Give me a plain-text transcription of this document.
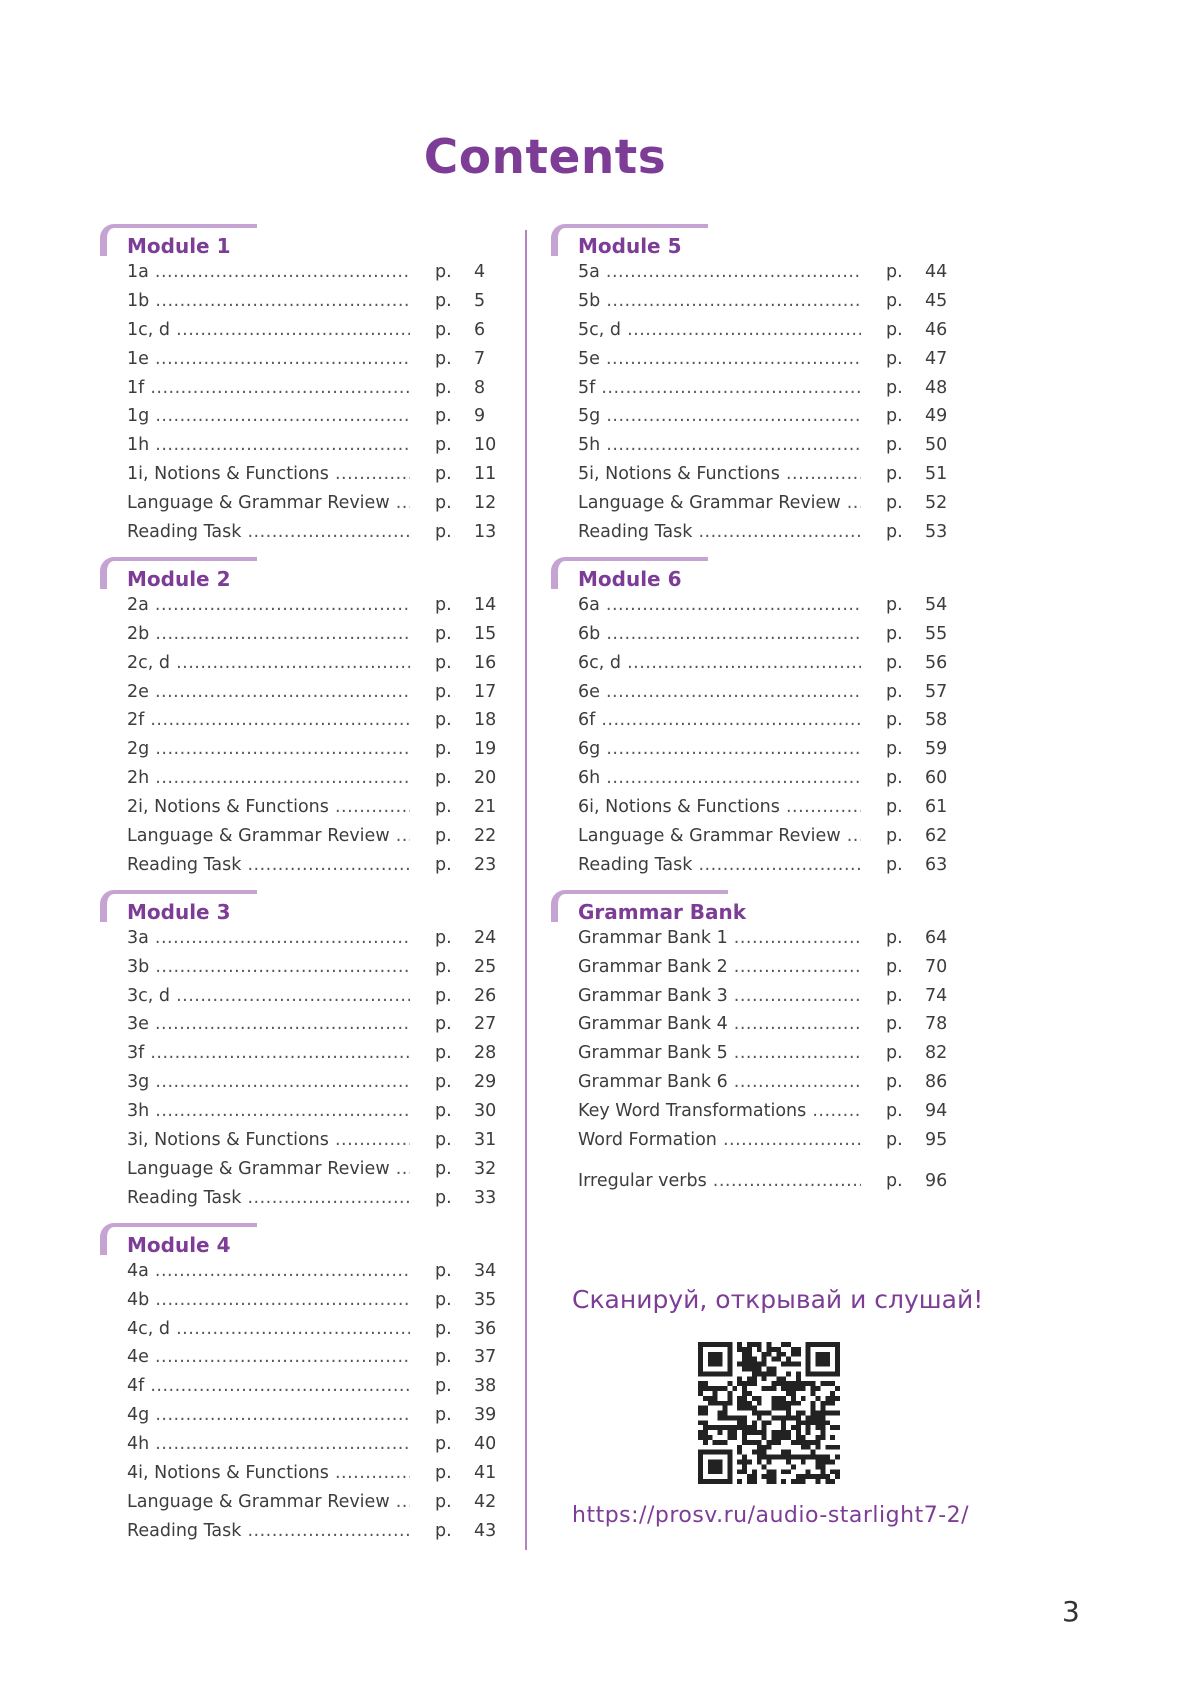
Contents
Module 1
1a .....	p. 4
1b .....	p. 5
1c, d .....	p. 6
1e .....	p. 7
1f .....	p. 8
1g .....	p. 9
1h .....	p. 10
1i, Notions & Functions .....	p. 11
Language & Grammar Review .....	p. 12
Reading Task .....	p. 13
Module 2
2a .....	p. 14
2b .....	p. 15
2c, d .....	p. 16
2e .....	p. 17
2f .....	p. 18
2g .....	p. 19
2h .....	p. 20
2i, Notions & Functions .....	p. 21
Language & Grammar Review .....	p. 22
Reading Task .....	p. 23
Module 3
3a .....	p. 24
3b .....	p. 25
3c, d .....	p. 26
3e .....	p. 27
3f .....	p. 28
3g .....	p. 29
3h .....	p. 30
3i, Notions & Functions .....	p. 31
Language & Grammar Review .....	p. 32
Reading Task .....	p. 33
Module 4
4a .....	p. 34
4b .....	p. 35
4c, d .....	p. 36
4e .....	p. 37
4f .....	p. 38
4g .....	p. 39
4h .....	p. 40
4i, Notions & Functions .....	p. 41
Language & Grammar Review .....	p. 42
Reading Task .....	p. 43
Module 5
5a .....	p. 44
5b .....	p. 45
5c, d .....	p. 46
5e .....	p. 47
5f .....	p. 48
5g .....	p. 49
5h .....	p. 50
5i, Notions & Functions .....	p. 51
Language & Grammar Review .....	p. 52
Reading Task .....	p. 53
Module 6
6a .....	p. 54
6b .....	p. 55
6c, d .....	p. 56
6e .....	p. 57
6f .....	p. 58
6g .....	p. 59
6h .....	p. 60
6i, Notions & Functions .....	p. 61
Language & Grammar Review .....	p. 62
Reading Task .....	p. 63
Grammar Bank
Grammar Bank 1 .....	p. 64
Grammar Bank 2 .....	p. 70
Grammar Bank 3 .....	p. 74
Grammar Bank 4 .....	p. 78
Grammar Bank 5 .....	p. 82
Grammar Bank 6 .....	p. 86
Key Word Transformations .....	p. 94
Word Formation .....	p. 95
Irregular verbs .....	p. 96
Сканируй, открывай и слушай!
https://prosv.ru/audio-starlight7-2/
3
